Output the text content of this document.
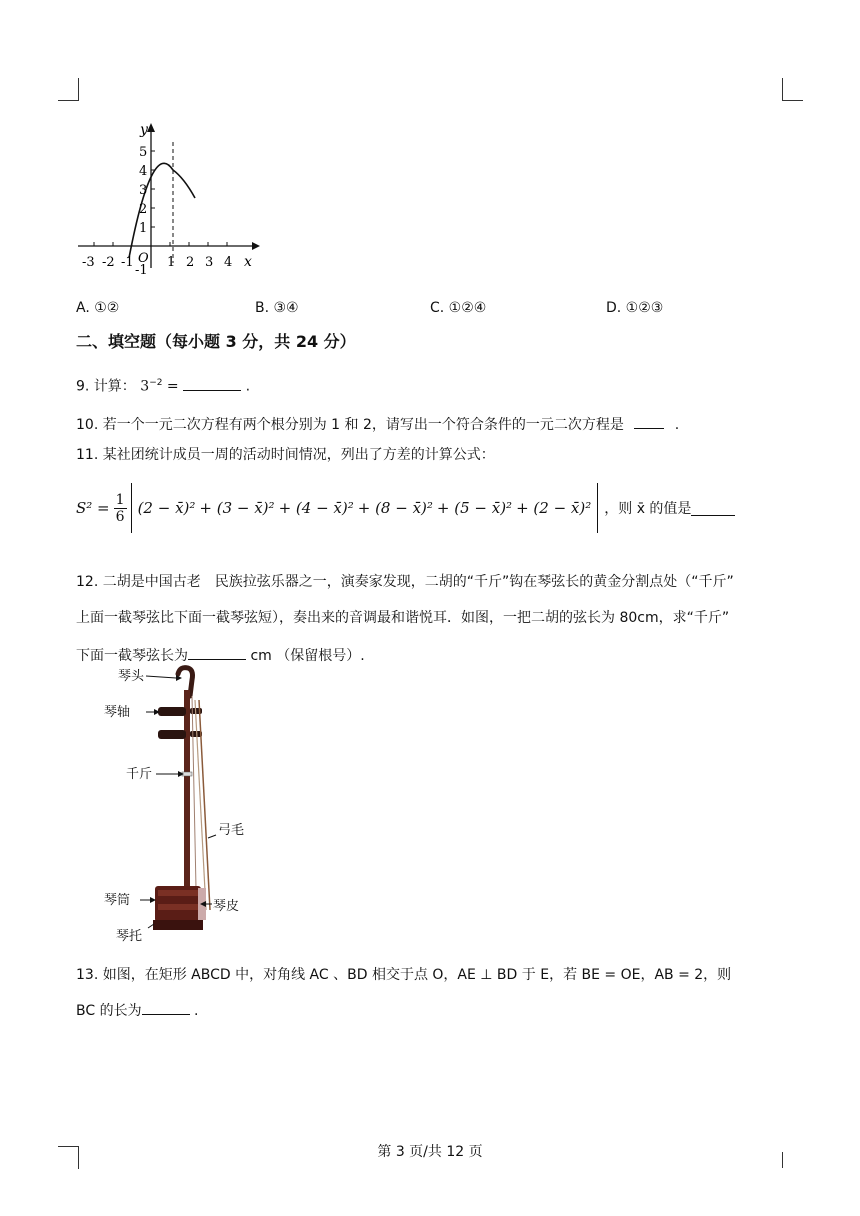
y
x
O
5
4
3
2
1
-1
-3 -2 -1	1 2 3 4
A. ①②	B. ③④	C. ①②④	D. ①②③
二、填空题（每小题 3 分，共 24 分）
9. 计算： $3^{-2}$ =	.
10. 若一个一元二次方程有两个根分别为 1 和 2，请写出一个符合条件的一元二次方程是	.
11. 某社团统计成员一周的活动时间情况，列出了方差的计算公式：
$S^2 = \frac{1}{6} (2$ − x̄)² + (3 − x̄)² + (4 − x̄)² + (8 − x̄)² + (5 − x̄)² + (2 − x̄)² ，则 x̄ 的值是
12. 二胡是中国古老　民族拉弦乐器之一，演奏家发现，二胡的“千斤”钩在琴弦长的黄金分割点处（“千斤”
上面一截琴弦比下面一截琴弦短），奏出来的音调最和谐悦耳．如图，一把二胡的弦长为 80cm，求“千斤”
下面一截琴弦长为	cm （保留根号）.
琴头
琴轴
千斤
弓毛
琴筒	琴皮
琴托
13. 如图，在矩形 ABCD 中，对角线 AC 、BD 相交于点 O，AE ⊥ BD 于 E，若 BE = OE，AB = 2，则
BC 的长为	.
第 3 页/共 12 页
